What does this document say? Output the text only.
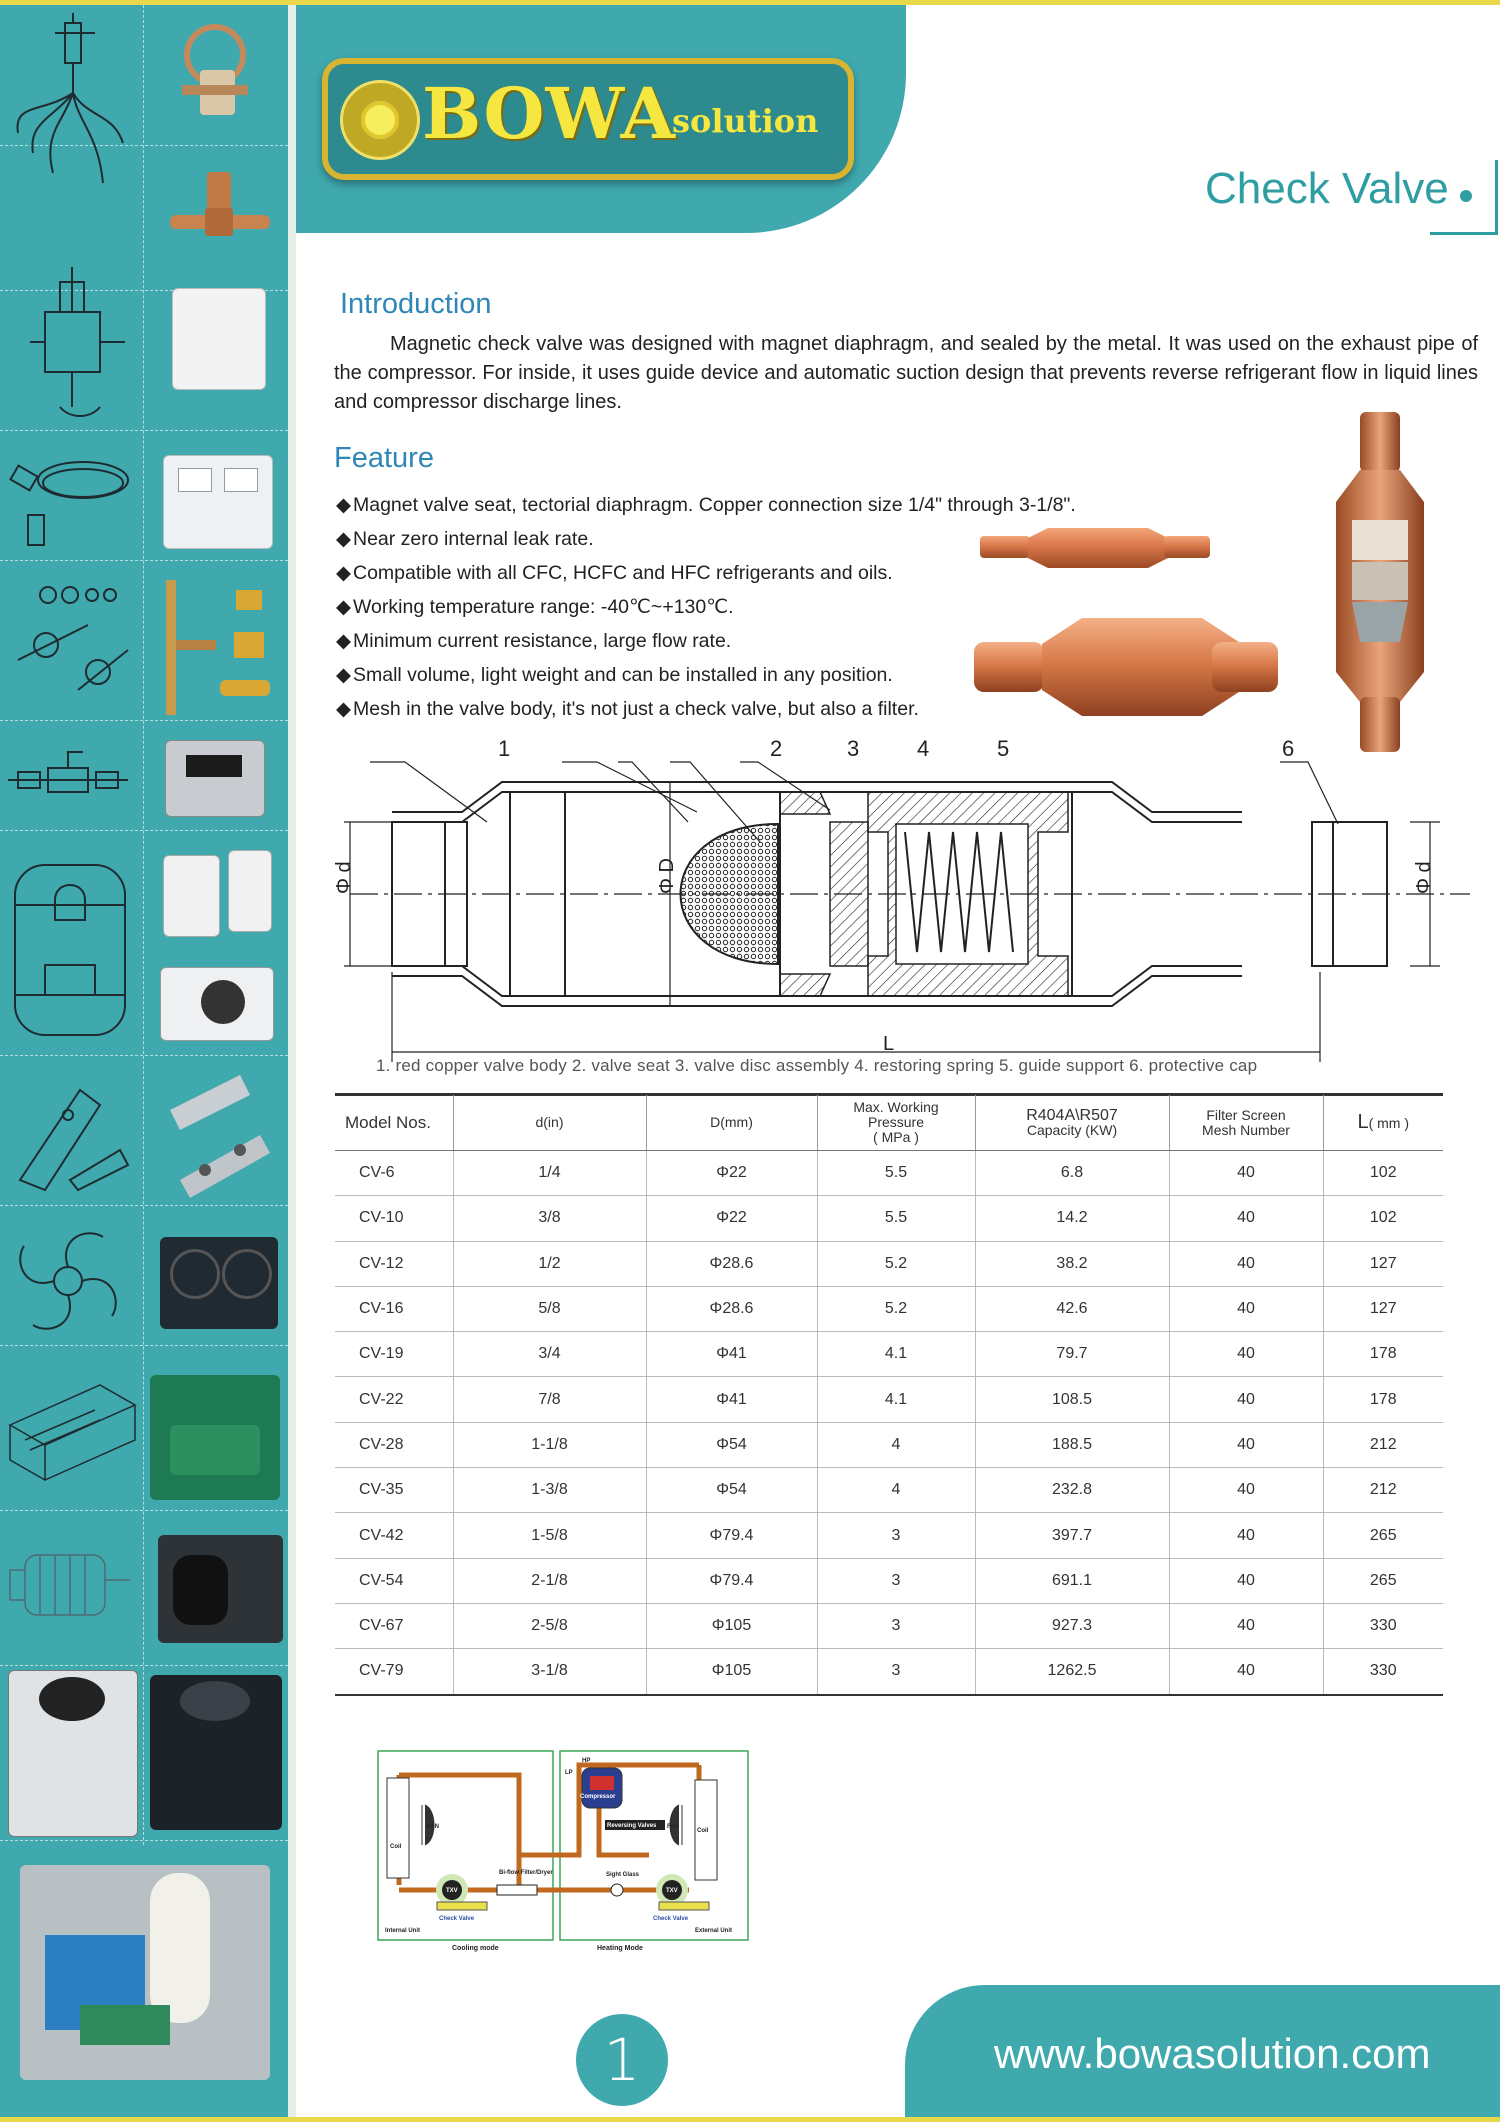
BOWA
solution
Check Valve
Introduction
Magnetic check valve was designed with magnet diaphragm, and sealed by the metal. It was used on the exhaust pipe of the compressor. For inside, it uses guide device and automatic suction design that prevents reverse refrigerant flow in liquid lines and compressor discharge lines.
Feature
◆ Magnet valve seat, tectorial diaphragm. Copper connection size 1/4" through 3-1/8".
◆ Near zero internal leak rate.
◆ Compatible with all CFC, HCFC and HFC refrigerants and oils.
◆ Working temperature range: -40℃~+130℃.
◆ Minimum current resistance, large flow rate.
◆ Small volume, light weight and can be installed in any position.
◆ Mesh in the valve body, it's not just a check valve, but also a filter.
Φ d	Φ D	Φ d
L
1	2	3	4	5	6
1. red copper valve body 2. valve seat 3. valve disc assembly 4. restoring spring 5. guide support 6. protective cap
Model Nos.	d(in)	D(mm)	Max. Working
Pressure
( MPa )	R404A\R507
Capacity (KW)	Filter Screen
Mesh Number	L( mm )
CV-6	1/4	Φ22	5.5	6.8	40	102
CV-10	3/8	Φ22	5.5	14.2	40	102
CV-12	1/2	Φ28.6	5.2	38.2	40	127
CV-16	5/8	Φ28.6	5.2	42.6	40	127
CV-19	3/4	Φ41	4.1	79.7	40	178
CV-22	7/8	Φ41	4.1	108.5	40	178
CV-28	1-1/8	Φ54	4	188.5	40	212
CV-35	1-3/8	Φ54	4	232.8	40	212
CV-42	1-5/8	Φ79.4	3	397.7	40	265
CV-54	2-1/8	Φ79.4	3	691.1	40	265
CV-67	2-5/8	Φ105	3	927.3	40	330
CV-79	3-1/8	Φ105	3	1262.5	40	330
HP
LP
Compressor
Reversing Valves
Bi-flow Filter/Dryer	Sight Glass
TXV	TXV
Check Valve	Check Valve
FAN	FAN
Coil
Coil
Internal Unit	External Unit
Cooling mode	Heating Mode
1	www.bowasolution.com
